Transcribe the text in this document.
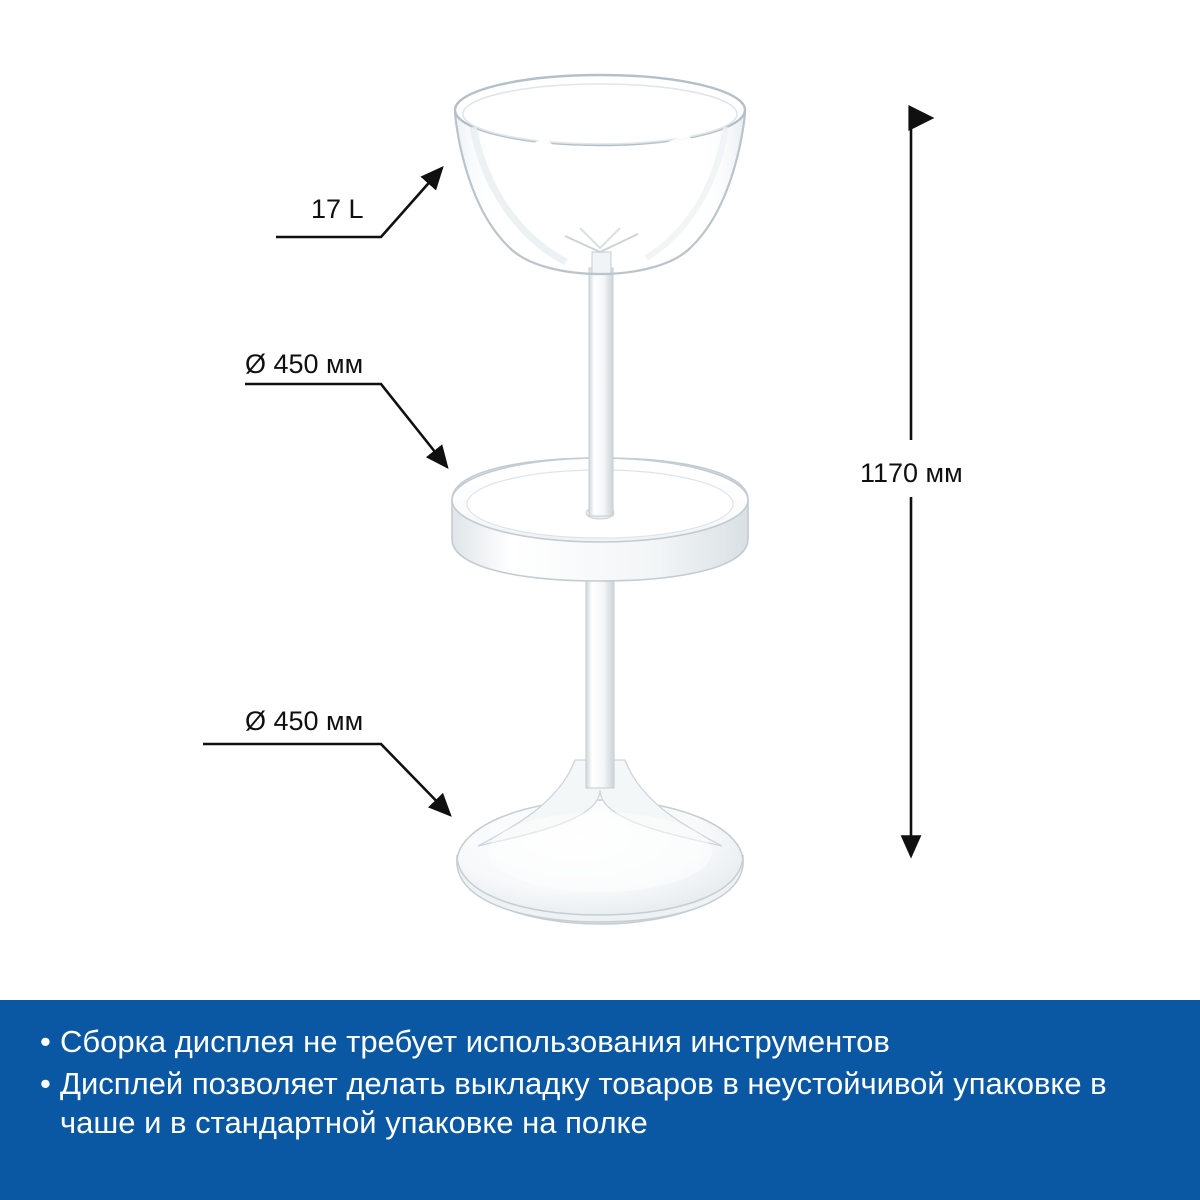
17 L
Ø 450 мм
Ø 450 мм
1170 мм
• Сборка дисплея не требует использования инструментов
• Дисплей позволяет делать выкладку товаров в неустойчивой упаковке в чаше и в стандартной упаковке на полке
